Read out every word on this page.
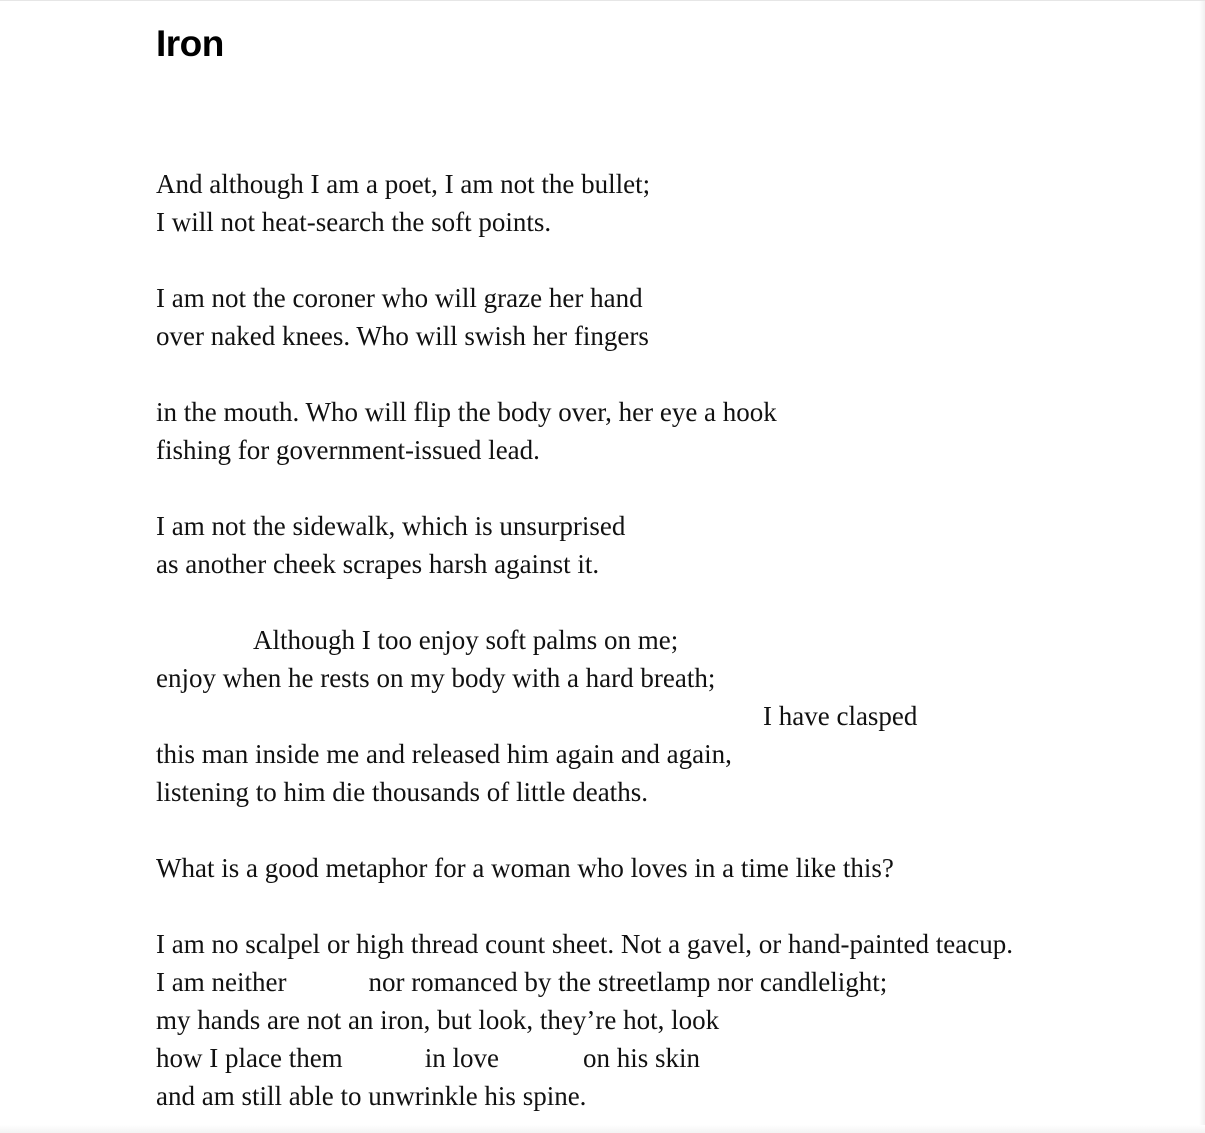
Iron
And although I am a poet, I am not the bullet;
I will not heat-search the soft points.
I am not the coroner who will graze her hand
over naked knees. Who will swish her fingers
in the mouth. Who will flip the body over, her eye a hook
fishing for government-issued lead.
I am not the sidewalk, which is unsurprised
as another cheek scrapes harsh against it.
Although I too enjoy soft palms on me;
enjoy when he rests on my body with a hard breath;
I have clasped
this man inside me and released him again and again,
listening to him die thousands of little deaths.
What is a good metaphor for a woman who loves in a time like this?
I am no scalpel or high thread count sheet. Not a gavel, or hand-painted teacup.
I am neither	nor romanced by the streetlamp nor candlelight;
my hands are not an iron, but look, they’re hot, look
how I place them	in love	on his skin
and am still able to unwrinkle his spine.
